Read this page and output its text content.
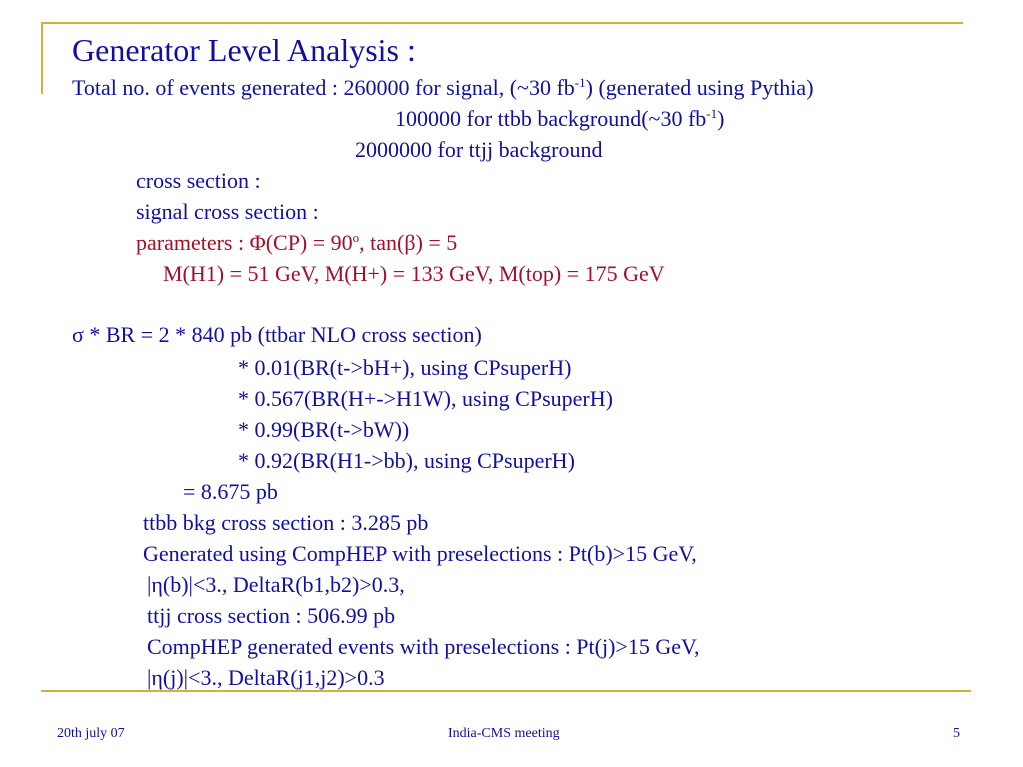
Generator Level Analysis :
Total no. of events generated : 260000 for signal, (~30 $fb^{-1}$) (generated using Pythia)
100000 for ttbb background(~30 $fb^{-1}$)
2000000 for ttjj background
cross section :
signal cross section :
parameters : $\Phi(CP) = 90^o$, tan(β) = 5
M(H1) = 51 GeV, M(H+) = 133 GeV, M(top) = 175 GeV
σ * BR = 2 * 840 pb (ttbar NLO cross section)
* 0.01(BR(t->bH+), using CPsuperH)
* 0.567(BR(H+->H1W), using CPsuperH)
* 0.99(BR(t->bW))
* 0.92(BR(H1->bb), using CPsuperH)
= 8.675 pb
ttbb bkg cross section : 3.285 pb
Generated using CompHEP with preselections : Pt(b)>15 GeV,
|η(b)|<3., DeltaR(b1,b2)>0.3,
ttjj cross section : 506.99 pb
CompHEP generated events with preselections : Pt(j)>15 GeV,
|η(j)|<3., DeltaR(j1,j2)>0.3
20th july 07	India-CMS meeting	5
